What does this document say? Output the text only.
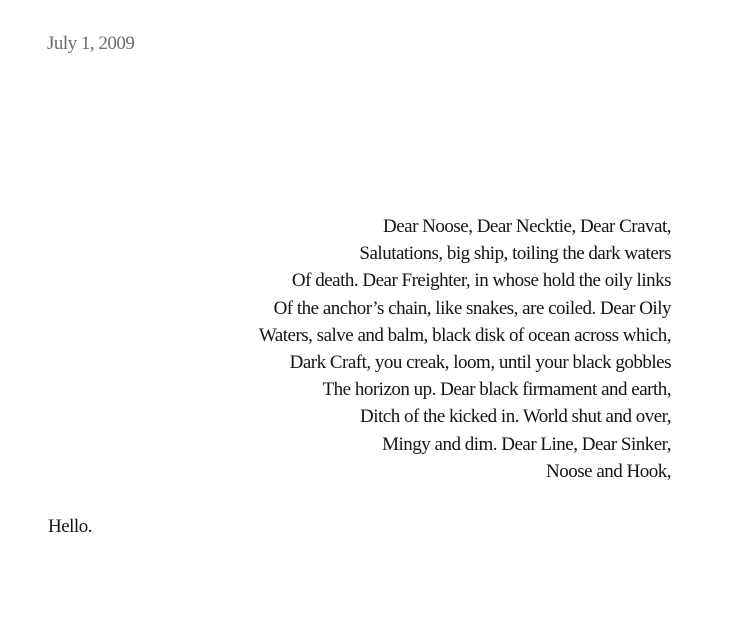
July 1, 2009
Dear Noose, Dear Necktie, Dear Cravat,
Salutations, big ship, toiling the dark waters
Of death. Dear Freighter, in whose hold the oily links
Of the anchor’s chain, like snakes, are coiled. Dear Oily
Waters, salve and balm, black disk of ocean across which,
Dark Craft, you creak, loom, until your black gobbles
The horizon up. Dear black firmament and earth,
Ditch of the kicked in. World shut and over,
Mingy and dim. Dear Line, Dear Sinker,
Noose and Hook,
Hello.
